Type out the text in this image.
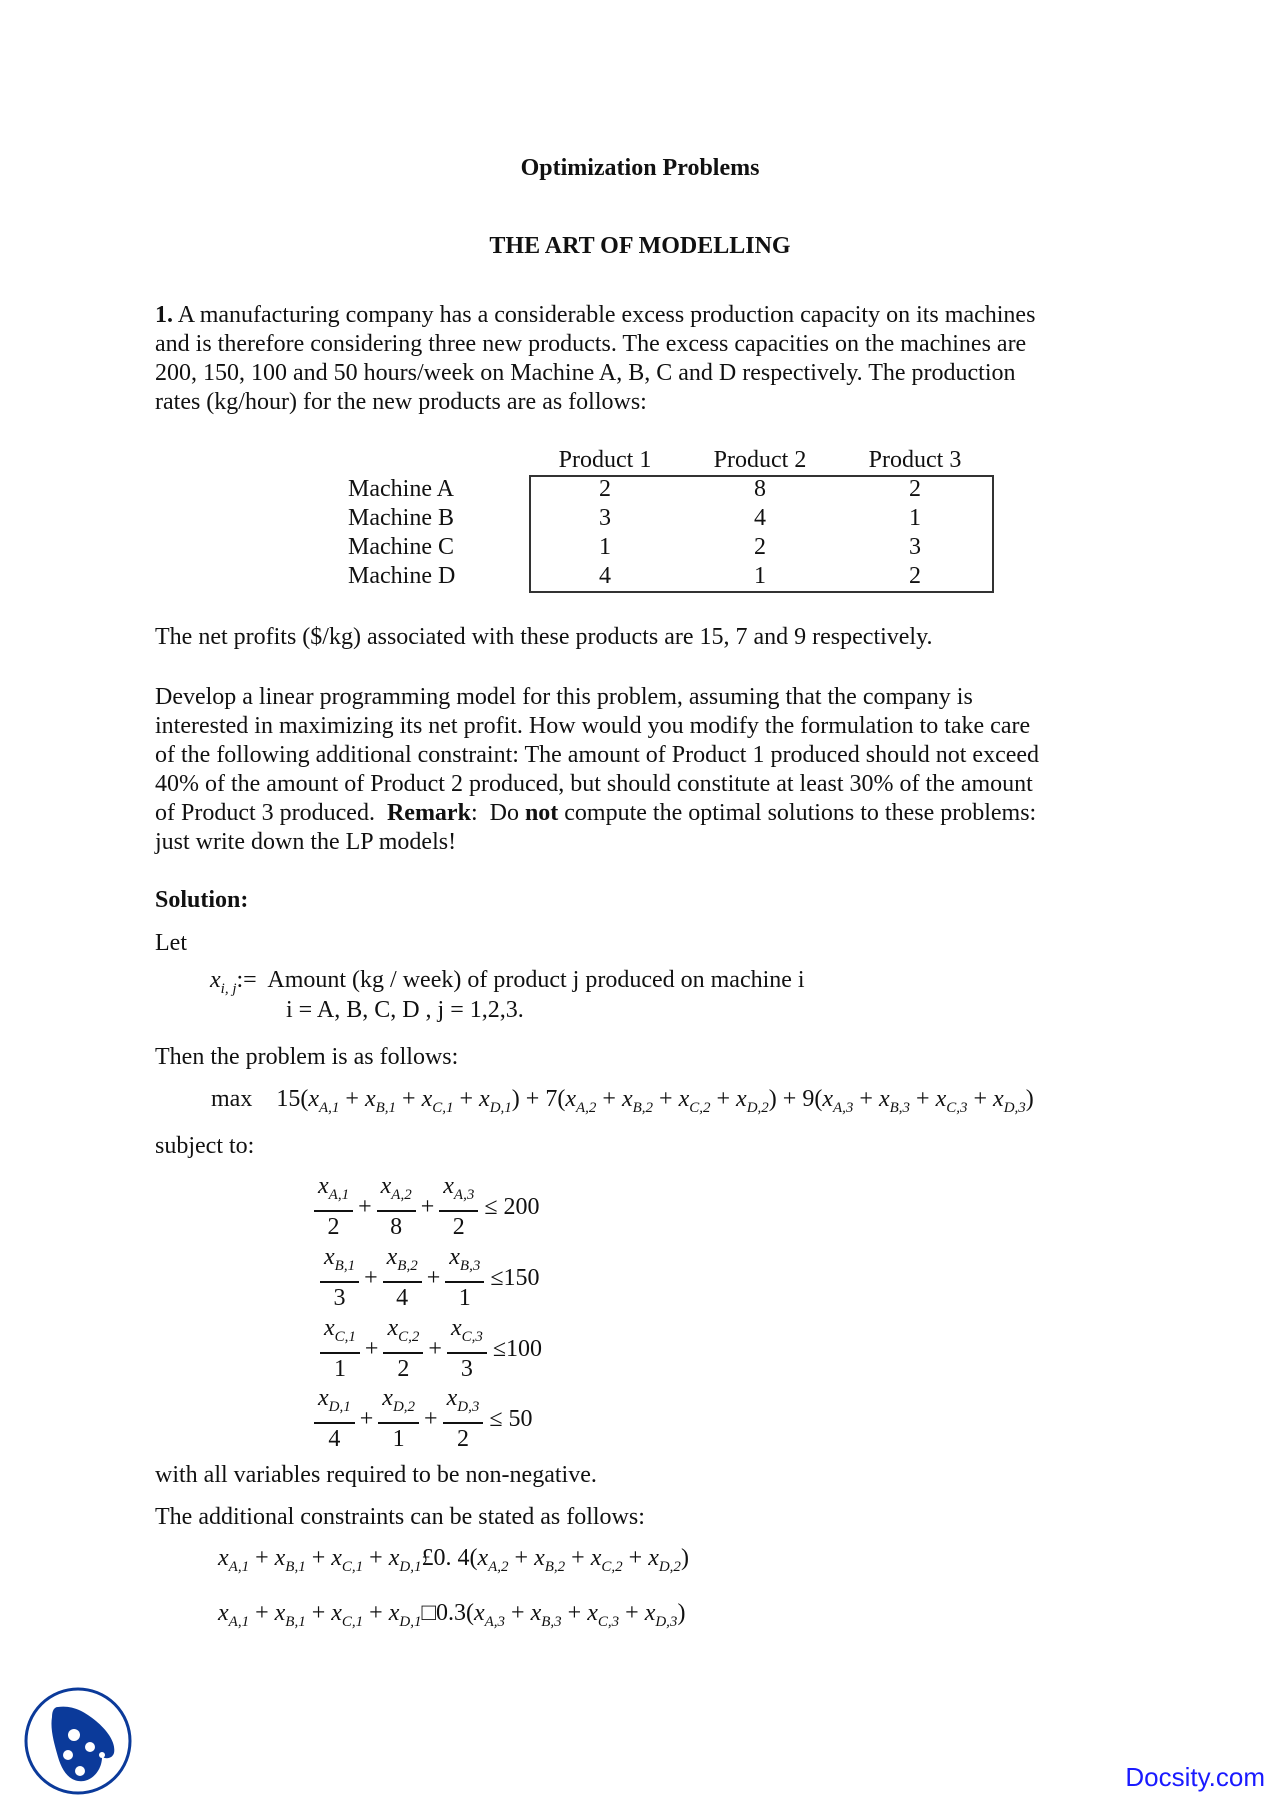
Optimization Problems
THE ART OF MODELLING
1. A manufacturing company has a considerable excess production capacity on its machines
and is therefore considering three new products. The excess capacities on the machines are
200, 150, 100 and 50 hours/week on Machine A, B, C and D respectively. The production
rates (kg/hour) for the new products are as follows:
Product 1	Product 2	Product 3
Machine A	2	8	2
Machine B	3	4	1
Machine C	1	2	3
Machine D	4	1	2
The net profits ($/kg) associated with these products are 15, 7 and 9 respectively.
Develop a linear programming model for this problem, assuming that the company is
interested in maximizing its net profit. How would you modify the formulation to take care
of the following additional constraint: The amount of Product 1 produced should not exceed
40% of the amount of Product 2 produced, but should constitute at least 30% of the amount
of Product 3 produced.  Remark:  Do not compute the optimal solutions to these problems:
just write down the LP models!
Solution:
Let
$x_{i, j}:=$ Amount (kg / week) of product j produced on machine i
i = A, B, C, D , j = 1,2,3.
Then the problem is as follows:
$\max 15(x_{A,1} + x_{B,1} + x_{C,1} + x_{D,1}) + 7(x_{A,2} + x_{B,2} + x_{C,2} + x_{D,2}) + 9(x_{A,3} + x_{B,3} + x_{C,3} + x_{D,3})$
subject to:
$\frac{x_{A,1}}{2} + \frac{x_{A,2}}{8} + \frac{x_{A,3}}{2} \le 200$
$\frac{x_{B,1}}{3} + \frac{x_{B,2}}{4} + \frac{x_{B,3}}{1} \le 150$
$\frac{x_{C,1}}{1} + \frac{x_{C,2}}{2} + \frac{x_{C,3}}{3} \le 100$
$\frac{x_{D,1}}{4} + \frac{x_{D,2}}{1} + \frac{x_{D,3}}{2} \le 50$
with all variables required to be non-negative.
The additional constraints can be stated as follows:
$x_{A,1} + x_{B,1} + x_{C,1}$ + $x_{D,1}£0$. $4(x_{A,2} + x_{B,2} + x_{C,2} + x_{D,2})$
$x_{A,1} + x_{B,1} + x_{C,1}$ + $x_{D,1}□0.3(x_{A,3} + x_{B,3} + x_{C,3} + x_{D,3})$
Docsity.com
